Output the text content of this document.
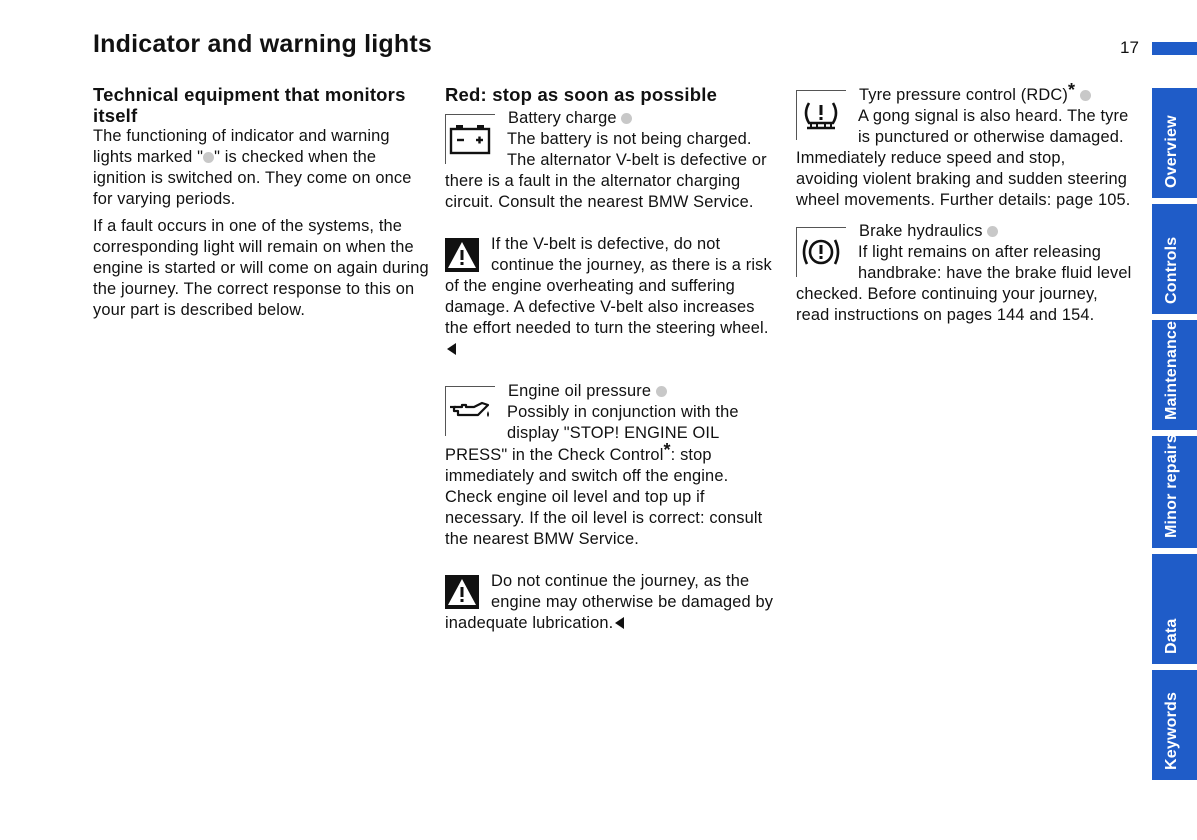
Indicator and warning lights	17

Technical equipment that monitors itself

The functioning of indicator and warning lights marked " " is checked when the ignition is switched on. They come on once for varying periods.

If a fault occurs in one of the systems, the corresponding light will remain on when the engine is started or will come on again during the journey. The correct response to this on your part is described below.

Red: stop as soon as possible

Battery charge

The battery is not being charged. The alternator V-belt is defective or there is a fault in the alternator charging circuit. Consult the nearest BMW Service.

If the V-belt is defective, do not continue the journey, as there is a risk of the engine overheating and suffering damage. A defective V-belt also increases the effort needed to turn the steering wheel.

Engine oil pressure

Possibly in conjunction with the display "STOP! ENGINE OIL PRESS" in the Check Control*: stop immediately and switch off the engine. Check engine oil level and top up if necessary. If the oil level is correct: consult the nearest BMW Service.

Do not continue the journey, as the engine may otherwise be damaged by inadequate lubrication.

Tyre pressure control (RDC)*

A gong signal is also heard. The tyre is punctured or otherwise damaged. Immediately reduce speed and stop, avoiding violent braking and sudden steering wheel movements. Further details: page 105.

Brake hydraulics

If light remains on after releasing handbrake: have the brake fluid level checked. Before continuing your journey, read instructions on pages 144 and 154.

Overview
Controls
Maintenance
Minor repairs
Data
Keywords
